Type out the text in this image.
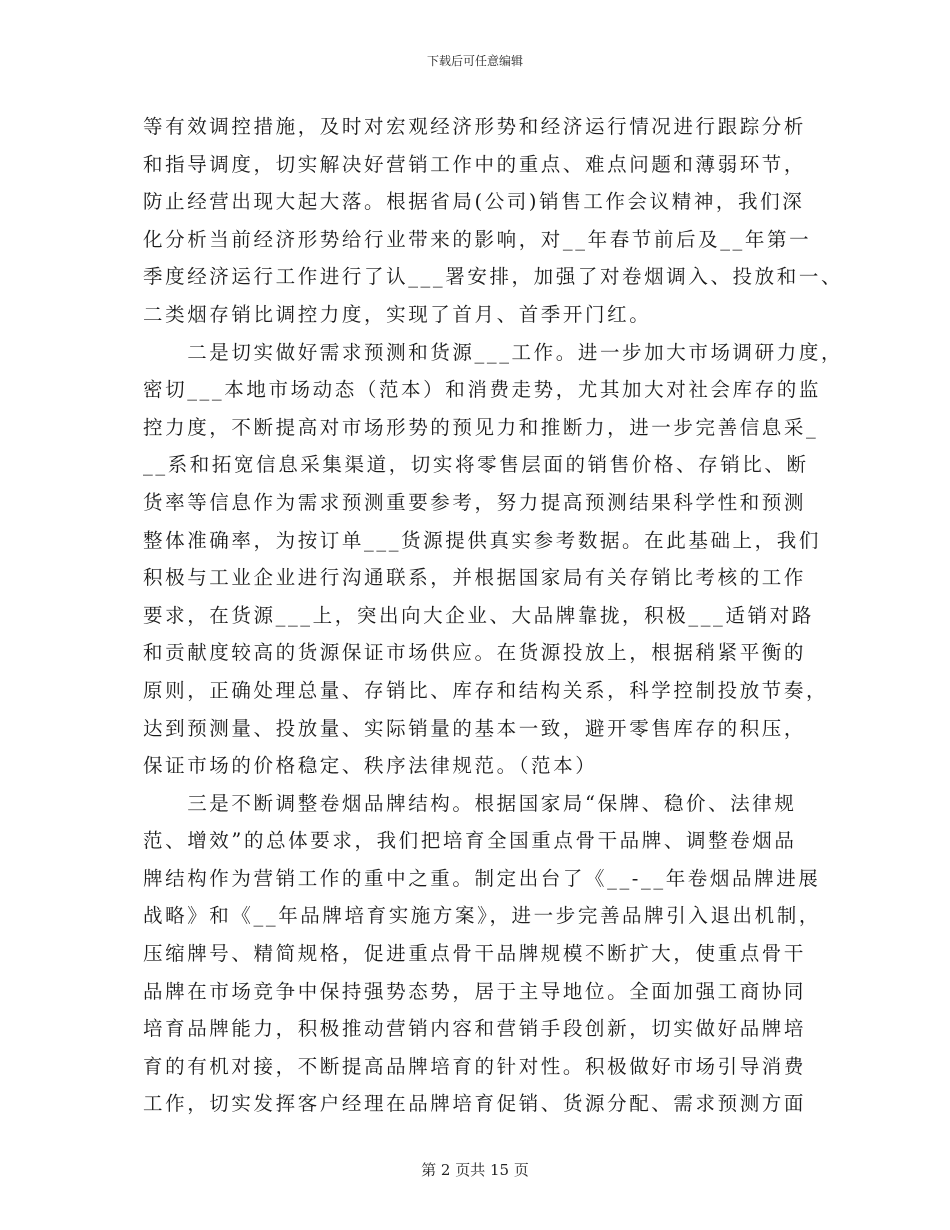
下载后可任意编辑
等有效调控措施，及时对宏观经济形势和经济运行情况进行跟踪分析
和指导调度，切实解决好营销工作中的重点、难点问题和薄弱环节，
防止经营出现大起大落。根据省局(公司)销售工作会议精神，我们深
化分析当前经济形势给行业带来的影响，对__年春节前后及__年第一
季度经济运行工作进行了认___署安排，加强了对卷烟调入、投放和一、
二类烟存销比调控力度，实现了首月、首季开门红。
　　二是切实做好需求预测和货源___工作。进一步加大市场调研力度，
密切___本地市场动态（范本）和消费走势，尤其加大对社会库存的监
控力度，不断提高对市场形势的预见力和推断力，进一步完善信息采_
__系和拓宽信息采集渠道，切实将零售层面的销售价格、存销比、断
货率等信息作为需求预测重要参考，努力提高预测结果科学性和预测
整体准确率，为按订单___货源提供真实参考数据。在此基础上，我们
积极与工业企业进行沟通联系，并根据国家局有关存销比考核的工作
要求，在货源___上，突出向大企业、大品牌靠拢，积极___适销对路
和贡献度较高的货源保证市场供应。在货源投放上，根据稍紧平衡的
原则，正确处理总量、存销比、库存和结构关系，科学控制投放节奏，
达到预测量、投放量、实际销量的基本一致，避开零售库存的积压，
保证市场的价格稳定、秩序法律规范。（范本）
　　三是不断调整卷烟品牌结构。根据国家局“保牌、稳价、法律规
范、增效”的总体要求，我们把培育全国重点骨干品牌、调整卷烟品
牌结构作为营销工作的重中之重。制定出台了《__-__年卷烟品牌进展
战略》和《__年品牌培育实施方案》，进一步完善品牌引入退出机制，
压缩牌号、精简规格，促进重点骨干品牌规模不断扩大，使重点骨干
品牌在市场竞争中保持强势态势，居于主导地位。全面加强工商协同
培育品牌能力，积极推动营销内容和营销手段创新，切实做好品牌培
育的有机对接，不断提高品牌培育的针对性。积极做好市场引导消费
工作，切实发挥客户经理在品牌培育促销、货源分配、需求预测方面
第 2 页共 15 页
